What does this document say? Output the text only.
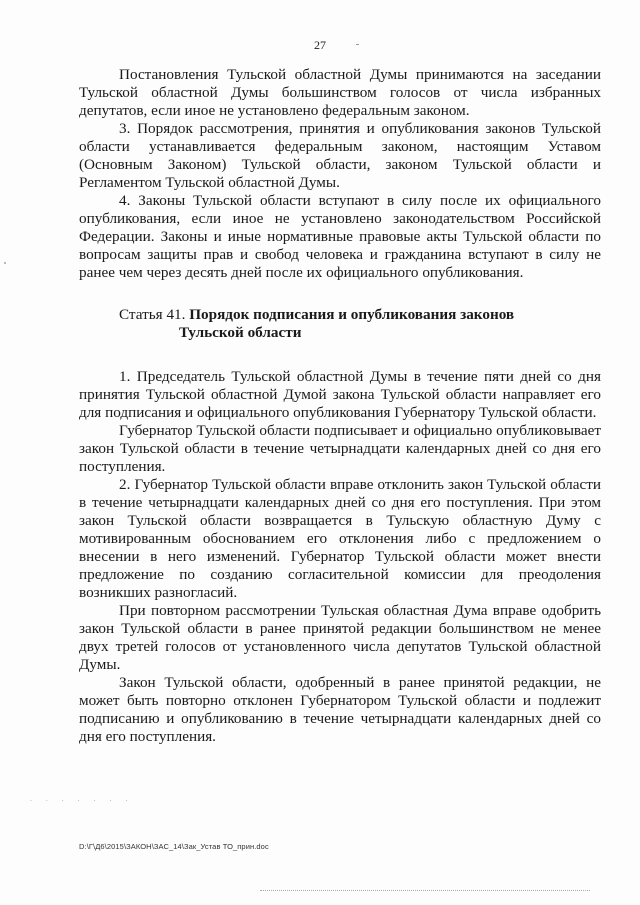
27

Постановления Тульской областной Думы принимаются на заседании Тульской областной Думы большинством голосов от числа избранных депутатов, если иное не установлено федеральным законом.

3. Порядок рассмотрения, принятия и опубликования законов Тульской области устанавливается федеральным законом, настоящим Уставом (Основным Законом) Тульской области, законом Тульской области и Регламентом Тульской областной Думы.

4. Законы Тульской области вступают в силу после их официального опубликования, если иное не установлено законодательством Российской Федерации. Законы и иные нормативные правовые акты Тульской области по вопросам защиты прав и свобод человека и гражданина вступают в силу не ранее чем через десять дней после их официального опубликования.

Статья 41. Порядок подписания и опубликования законов
Тульской области

1. Председатель Тульской областной Думы в течение пяти дней со дня принятия Тульской областной Думой закона Тульской области направляет его для подписания и официального опубликования Губернатору Тульской области.

Губернатор Тульской области подписывает и официально опубликовывает закон Тульской области в течение четырнадцати календарных дней со дня его поступления.

2. Губернатор Тульской области вправе отклонить закон Тульской области в течение четырнадцати календарных дней со дня его поступления. При этом закон Тульской области возвращается в Тульскую областную Думу с мотивированным обоснованием его отклонения либо с предложением о внесении в него изменений. Губернатор Тульской области может внести предложение по созданию согласительной комиссии для преодоления возникших разногласий.

При повторном рассмотрении Тульская областная Дума вправе одобрить закон Тульской области в ранее принятой редакции большинством не менее двух третей голосов от установленного числа депутатов Тульской областной Думы.

Закон Тульской области, одобренный в ранее принятой редакции, не может быть повторно отклонен Губернатором Тульской области и подлежит подписанию и опубликованию в течение четырнадцати календарных дней со дня его поступления.

. . . . . . .
D:\Г\Д6\2015\ЗАКОН\ЗАС_14\Зак_Устав ТО_прин.doc
